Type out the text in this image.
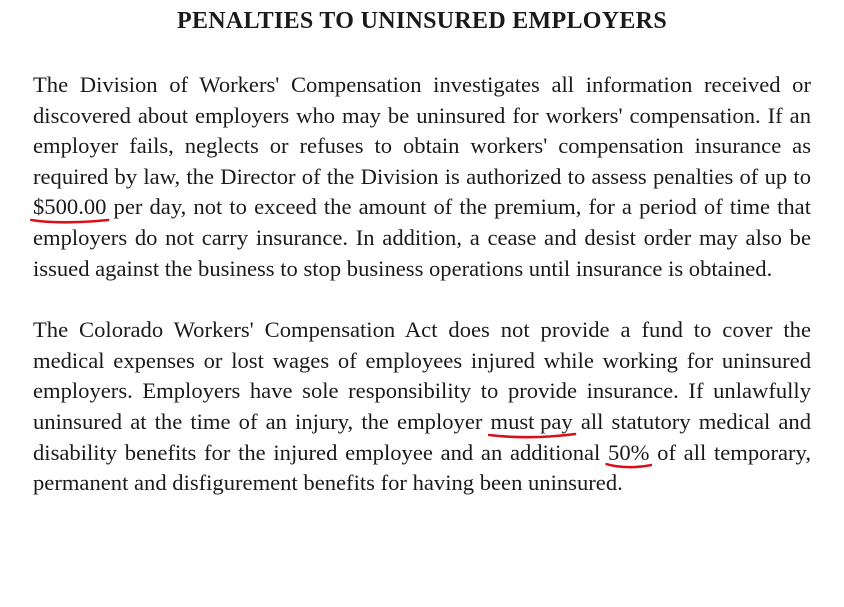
PENALTIES TO UNINSURED EMPLOYERS

The Division of Workers' Compensation investigates all information received or discovered about employers who may be uninsured for workers' compensation. If an employer fails, neglects or refuses to obtain workers' compensation insurance as required by law, the Director of the Division is authorized to assess penalties of up to $500.00
per day, not to exceed the amount of the premium, for a period of time that employers do not carry insurance. In addition, a cease and desist order may also be issued against the business to stop business operations until insurance is obtained.

The Colorado Workers' Compensation Act does not provide a fund to cover the medical expenses or lost wages of employees injured while working for uninsured employers. Employers have sole responsibility to provide insurance. If unlawfully uninsured at the time of an injury, the employer must pay
all statutory medical and disability benefits for the injured employee and an additional 50%
of all temporary, permanent and disfigurement benefits for having been uninsured.
